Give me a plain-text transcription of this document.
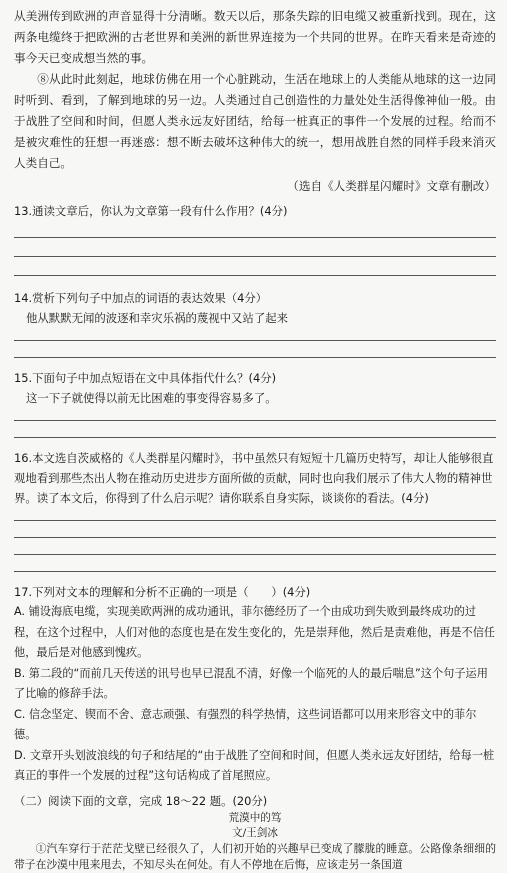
从美洲传到欧洲的声音显得十分清晰。数天以后，那条失踪的旧电缆又被重新找到。现在，这两条电缆终于把欧洲的古老世界和美洲的新世界连接为一个共同的世界。在昨天看来是奇迹的事今天已变成想当然的事。

⑧从此时此刻起，地球仿佛在用一个心脏跳动，生活在地球上的人类能从地球的这一边同时听到、看到，了解到地球的另一边。人类通过自己创造性的力量处处生活得像神仙一般。由于战胜了空间和时间，但愿人类永远友好团结，给每一桩真正的事件一个发展的过程。给而不是被灾难性的狂想一再迷惑：想不断去破坏这种伟大的统一，想用战胜自然的同样手段来消灭人类自己。

（选自《人类群星闪耀时》文章有删改）

13.通读文章后，你认为文章第一段有什么作用？(4分)

14.赏析下列句子中加点的词语的表达效果（4分）

他从默默无闻的波逐和幸灾乐祸的蔑视中又站了起来

15.下面句子中加点短语在文中具体指代什么？(4分)

这一下子就使得以前无比困难的事变得容易多了。

16.本文选自茨威格的《人类群星闪耀时》，书中虽然只有短短十几篇历史特写，却让人能够很直观地看到那些杰出人物在推动历史进步方面所做的贡献，同时也向我们展示了伟大人物的精神世界。读了本文后，你得到了什么启示呢？请你联系自身实际，谈谈你的看法。(4分)

17.下列对文本的理解和分析不正确的一项是（　　）(4分)

A. 铺设海底电缆，实现美欧两洲的成功通讯，菲尔德经历了一个由成功到失败到最终成功的过程，在这个过程中，人们对他的态度也是在发生变化的，先是崇拜他，然后是责难他，再是不信任他，最后是对他感到愧疚。

B. 第二段的“而前几天传送的讯号也早已混乱不清，好像一个临死的人的最后喘息”这个句子运用了比喻的修辞手法。

C. 信念坚定、锲而不舍、意志顽强、有强烈的科学热情，这些词语都可以用来形容文中的菲尔德。

D. 文章开头划波浪线的句子和结尾的“由于战胜了空间和时间，但愿人类永远友好团结，给每一桩真正的事件一个发展的过程”这句话构成了首尾照应。

（二）阅读下面的文章，完成 18～22 题。(20分)

荒漠中的笃

文/王剑冰

①汽车穿行于茫茫戈壁已经很久了，人们初开始的兴趣早已变成了朦胧的睡意。公路像条细细的带子在沙漠中甩来甩去，不知尽头在何处。有人不停地在后悔，应该走另一条国道
